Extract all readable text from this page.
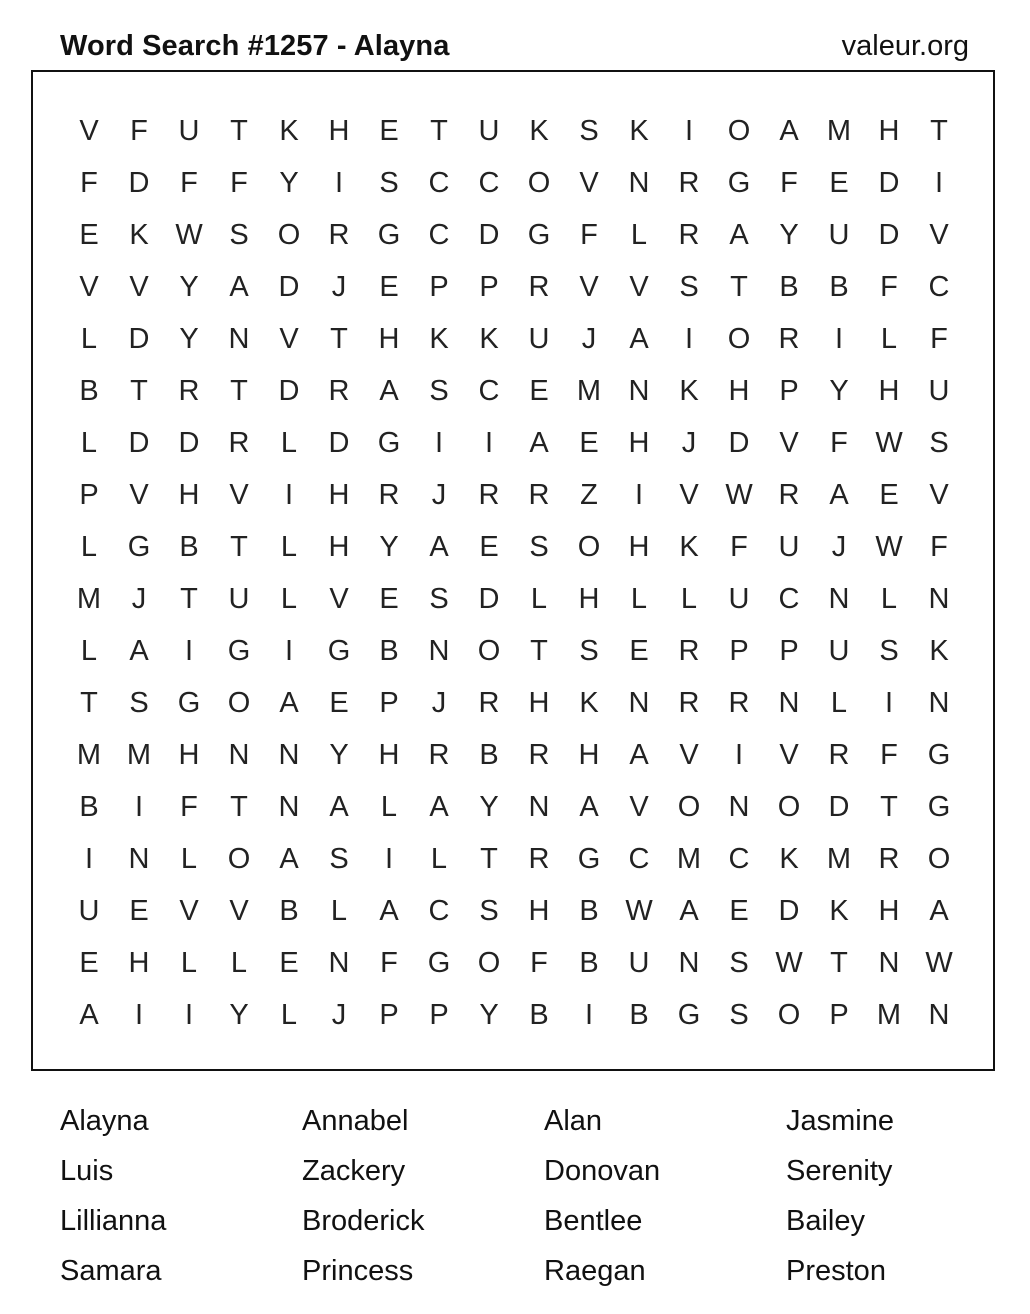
Word Search #1257 - Alayna	valeur.org
V	F	U	T	K	H	E	T	U	K	S	K	I	O	A M H	T
F	D	F	F	Y	I	S	C	C O	V	N	R G	F	E	D	I
E	K W S	O R G C	D G	F	L	R	A	Y	U	D	V
V	V	Y	A	D	J	E	P	P	R	V	V	S	T	B	B	F	C
L	D	Y	N	V	T	H	K	K	U	J	A	I	O R	I	L	F
B	T	R	T	D	R	A	S	C	E M N	K	H	P	Y	H	U
L	D	D	R	L	D G	I	I	A	E	H	J	D	V	F W S
P	V	H	V	I	H	R	J	R	R	Z	I	V W R	A	E	V
L	G	B	T	L	H	Y	A	E	S	O H	K	F	U	J	W F
M	J	T	U	L	V	E	S	D	L	H	L	L	U	C	N	L	N
L	A	I	G	I	G	B	N O	T	S	E	R	P	P	U	S	K
T	S	G O	A	E	P	J	R	H	K	N	R	R	N	L	I	N
M M H	N	N	Y	H	R	B	R	H	A	V	I	V	R	F	G
B	I	F	T	N	A	L	A	Y	N	A	V	O N O D	T	G
I	N	L	O	A	S	I	L	T	R G C M C	K M R O
U	E	V	V	B	L	A	C	S	H	B W A	E	D	K	H	A
E	H	L	L	E	N	F	G O	F	B	U	N	S W T	N W
A	I	I	Y	L	J	P	P	Y	B	I	B	G	S	O	P M N
Alayna	Annabel	Alan	Jasmine
Luis	Zackery	Donovan	Serenity
Lillianna	Broderick	Bentlee	Bailey
Samara	Princess	Raegan	Preston
